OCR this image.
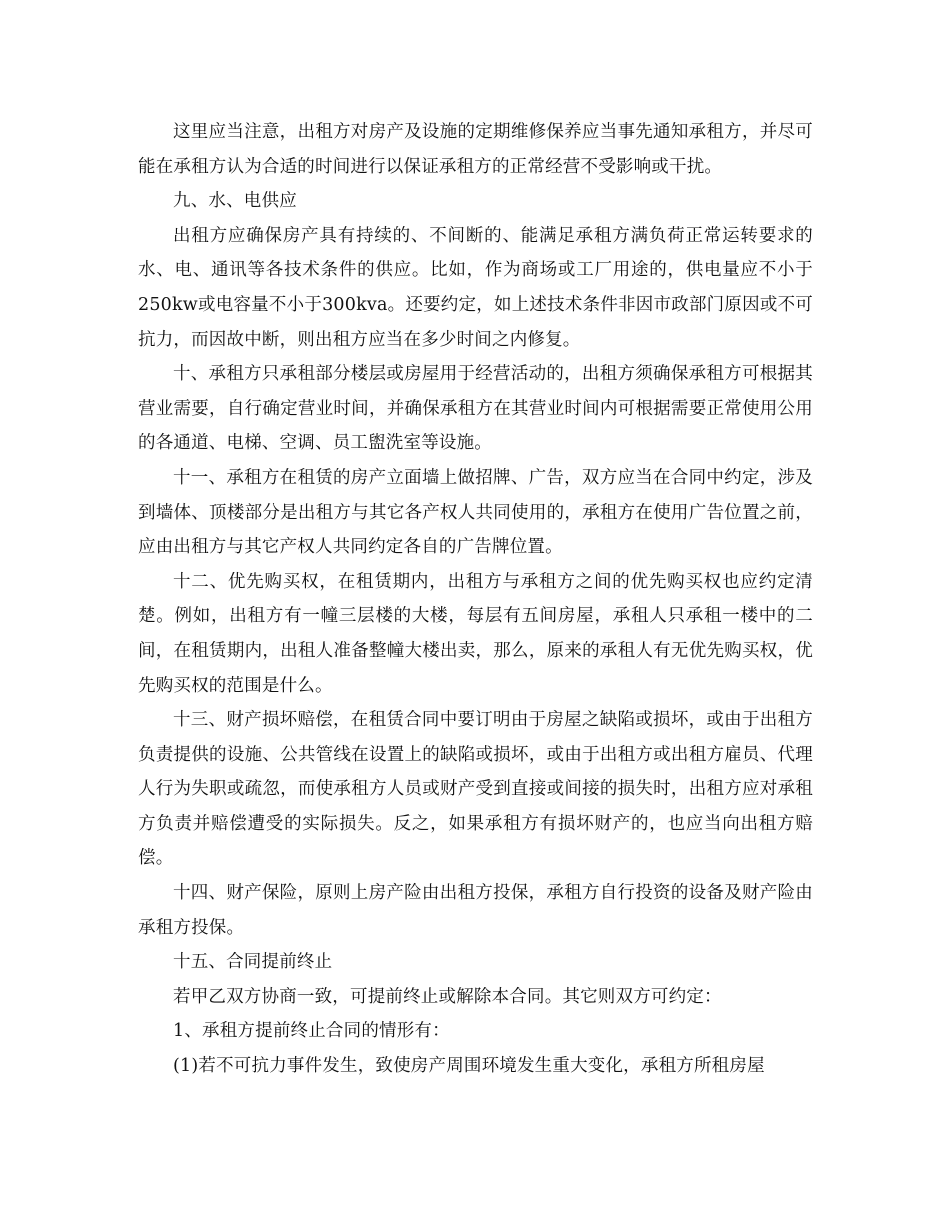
这里应当注意，出租方对房产及设施的定期维修保养应当事先通知承租方，并尽可能在承租方认为合适的时间进行以保证承租方的正常经营不受影响或干扰。

九、水、电供应

出租方应确保房产具有持续的、不间断的、能满足承租方满负荷正常运转要求的水、电、通讯等各技术条件的供应。比如，作为商场或工厂用途的，供电量应不小于250kw或电容量不小于300kva。还要约定，如上述技术条件非因市政部门原因或不可抗力，而因故中断，则出租方应当在多少时间之内修复。

十、承租方只承租部分楼层或房屋用于经营活动的，出租方须确保承租方可根据其营业需要，自行确定营业时间，并确保承租方在其营业时间内可根据需要正常使用公用的各通道、电梯、空调、员工盥洗室等设施。

十一、承租方在租赁的房产立面墙上做招牌、广告，双方应当在合同中约定，涉及到墙体、顶楼部分是出租方与其它各产权人共同使用的，承租方在使用广告位置之前，应由出租方与其它产权人共同约定各自的广告牌位置。

十二、优先购买权，在租赁期内，出租方与承租方之间的优先购买权也应约定清楚。例如，出租方有一幢三层楼的大楼，每层有五间房屋，承租人只承租一楼中的二间，在租赁期内，出租人准备整幢大楼出卖，那么，原来的承租人有无优先购买权，优先购买权的范围是什么。

十三、财产损坏赔偿，在租赁合同中要订明由于房屋之缺陷或损坏，或由于出租方负责提供的设施、公共管线在设置上的缺陷或损坏，或由于出租方或出租方雇员、代理人行为失职或疏忽，而使承租方人员或财产受到直接或间接的损失时，出租方应对承租方负责并赔偿遭受的实际损失。反之，如果承租方有损坏财产的，也应当向出租方赔偿。

十四、财产保险，原则上房产险由出租方投保，承租方自行投资的设备及财产险由承租方投保。

十五、合同提前终止

若甲乙双方协商一致，可提前终止或解除本合同。其它则双方可约定：

1、承租方提前终止合同的情形有：

(1)若不可抗力事件发生，致使房产周围环境发生重大变化，承租方所租房屋
